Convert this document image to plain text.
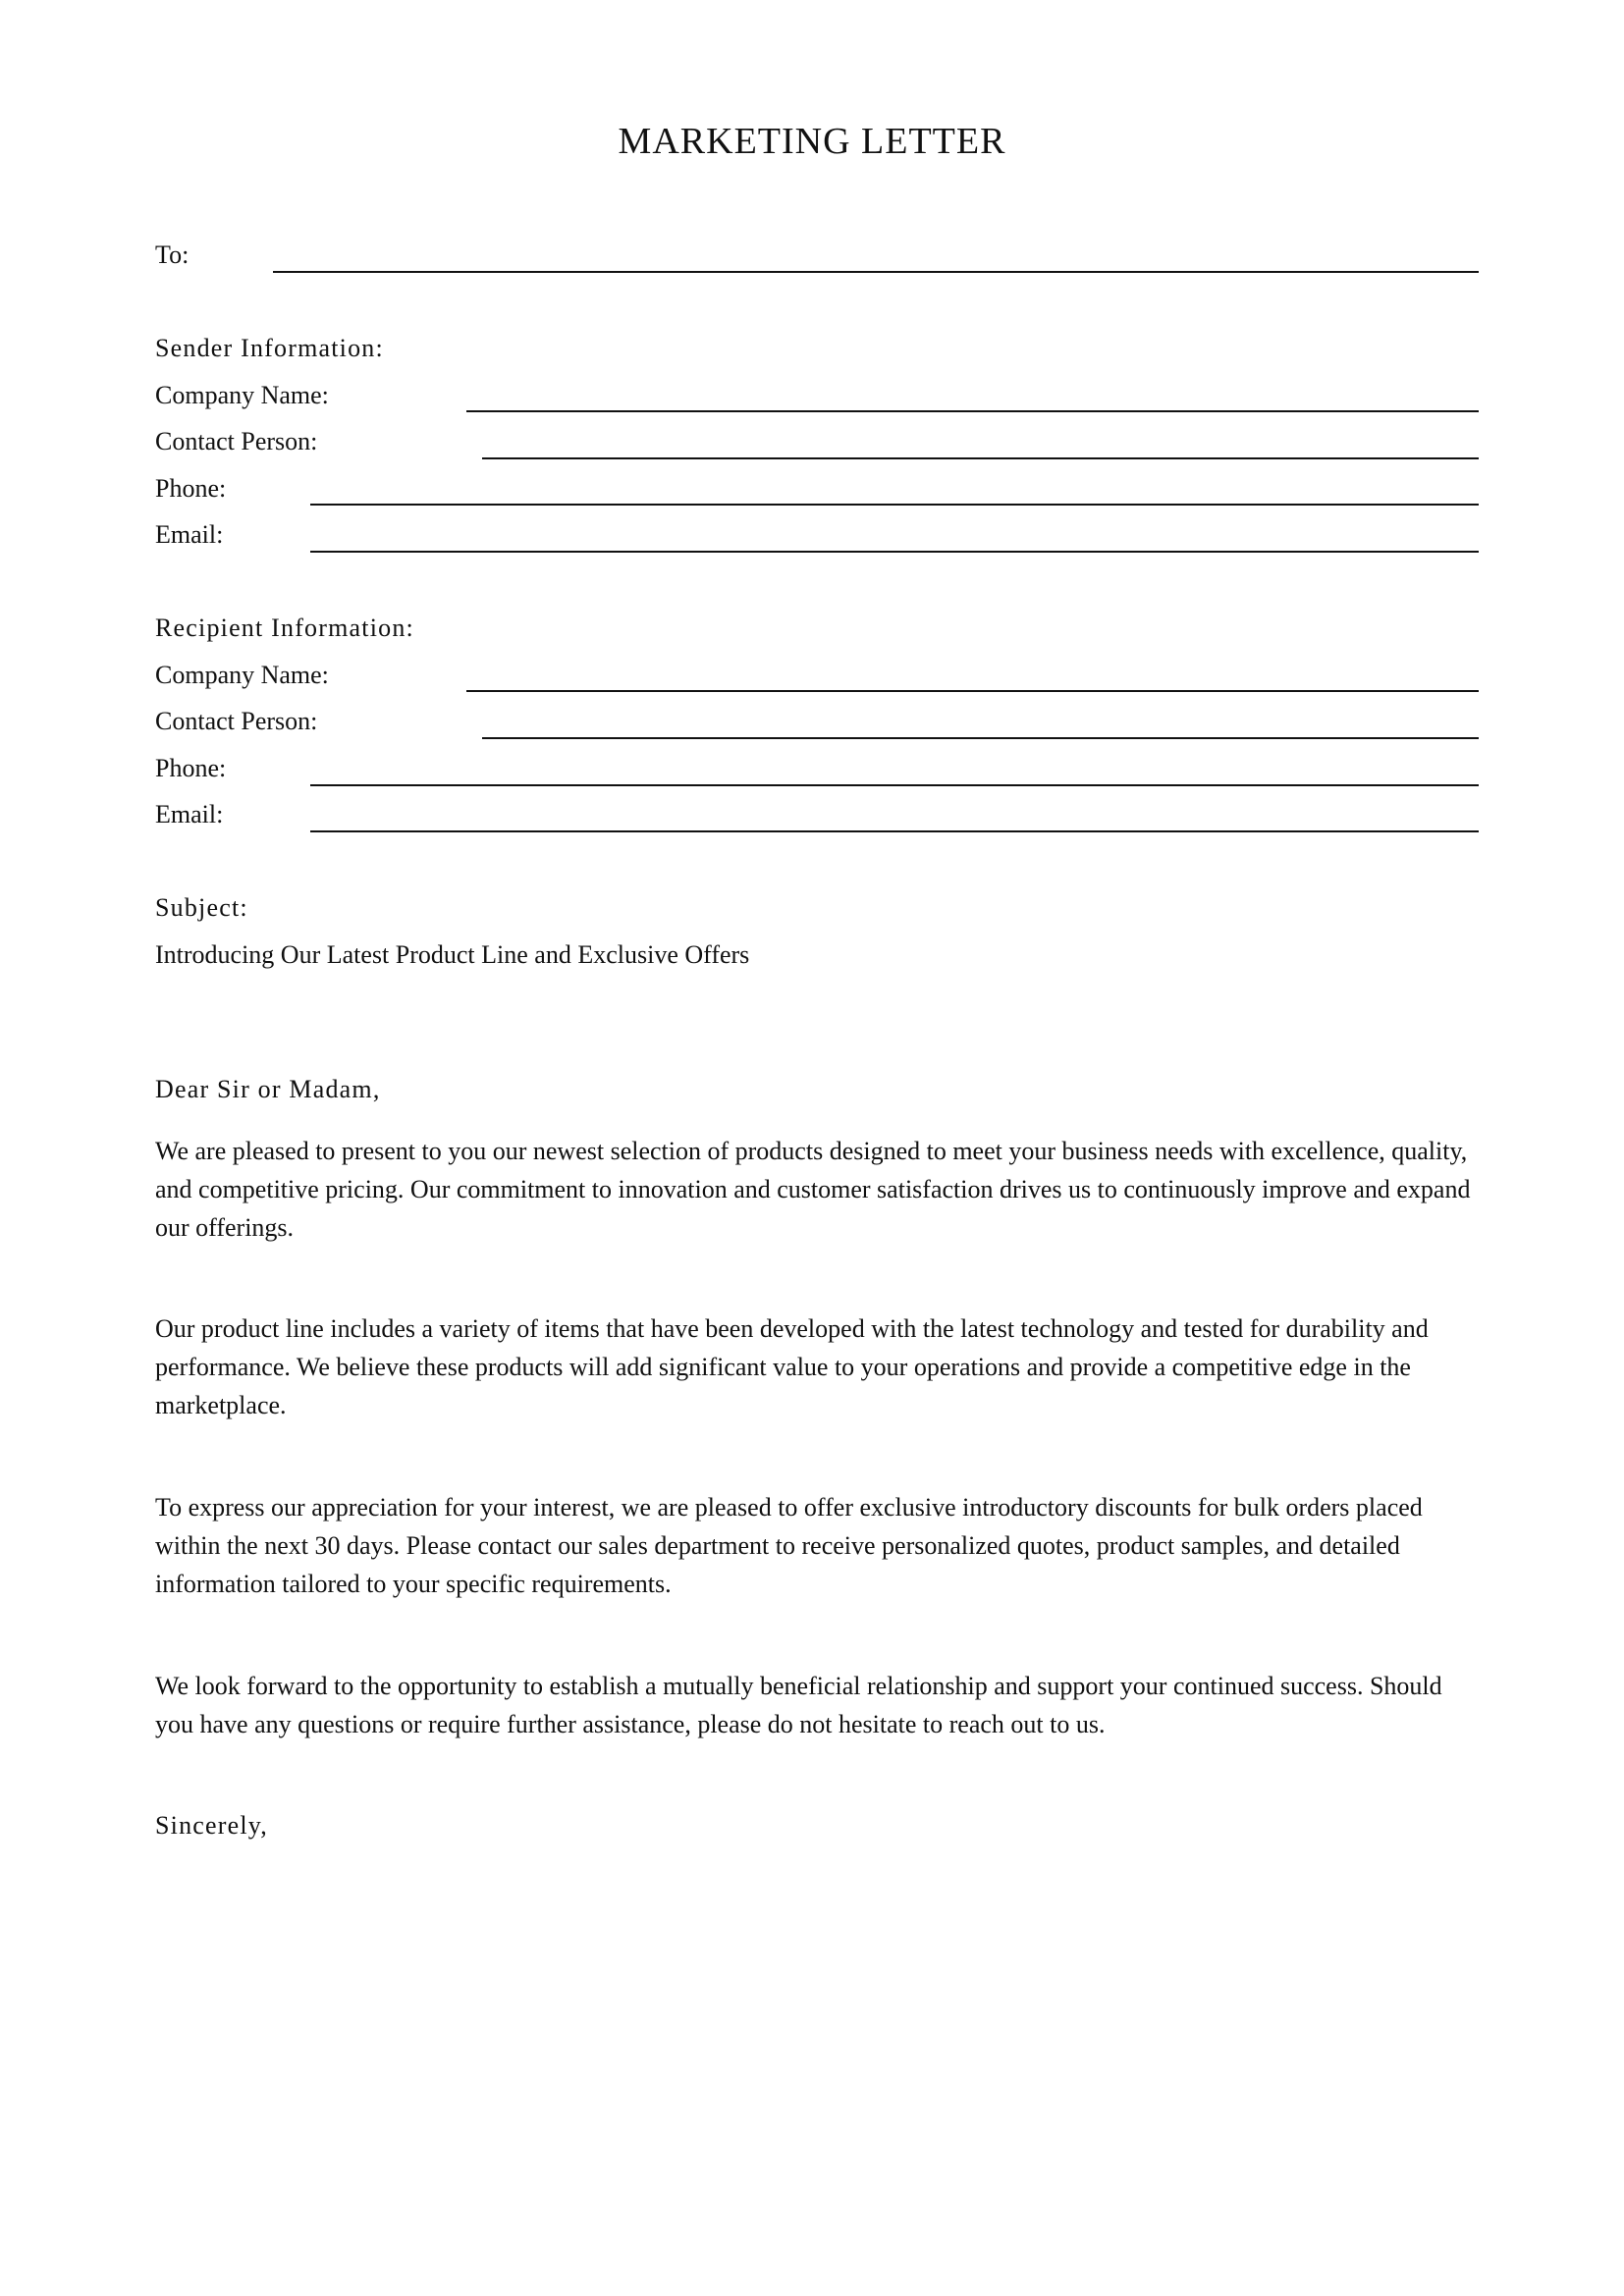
MARKETING LETTER
To:
Sender Information:
Company Name:
Contact Person:
Phone:
Email:
Recipient Information:
Company Name:
Contact Person:
Phone:
Email:
Subject:
Introducing Our Latest Product Line and Exclusive Offers
Dear Sir or Madam,

We are pleased to present to you our newest selection of products designed to meet your business needs with excellence, quality, and competitive pricing. Our commitment to innovation and customer satisfaction drives us to continuously improve and expand our offerings.

Our product line includes a variety of items that have been developed with the latest technology and tested for durability and performance. We believe these products will add significant value to your operations and provide a competitive edge in the marketplace.

To express our appreciation for your interest, we are pleased to offer exclusive introductory discounts for bulk orders placed within the next 30 days. Please contact our sales department to receive personalized quotes, product samples, and detailed information tailored to your specific requirements.

We look forward to the opportunity to establish a mutually beneficial relationship and support your continued success. Should you have any questions or require further assistance, please do not hesitate to reach out to us.

Sincerely,
